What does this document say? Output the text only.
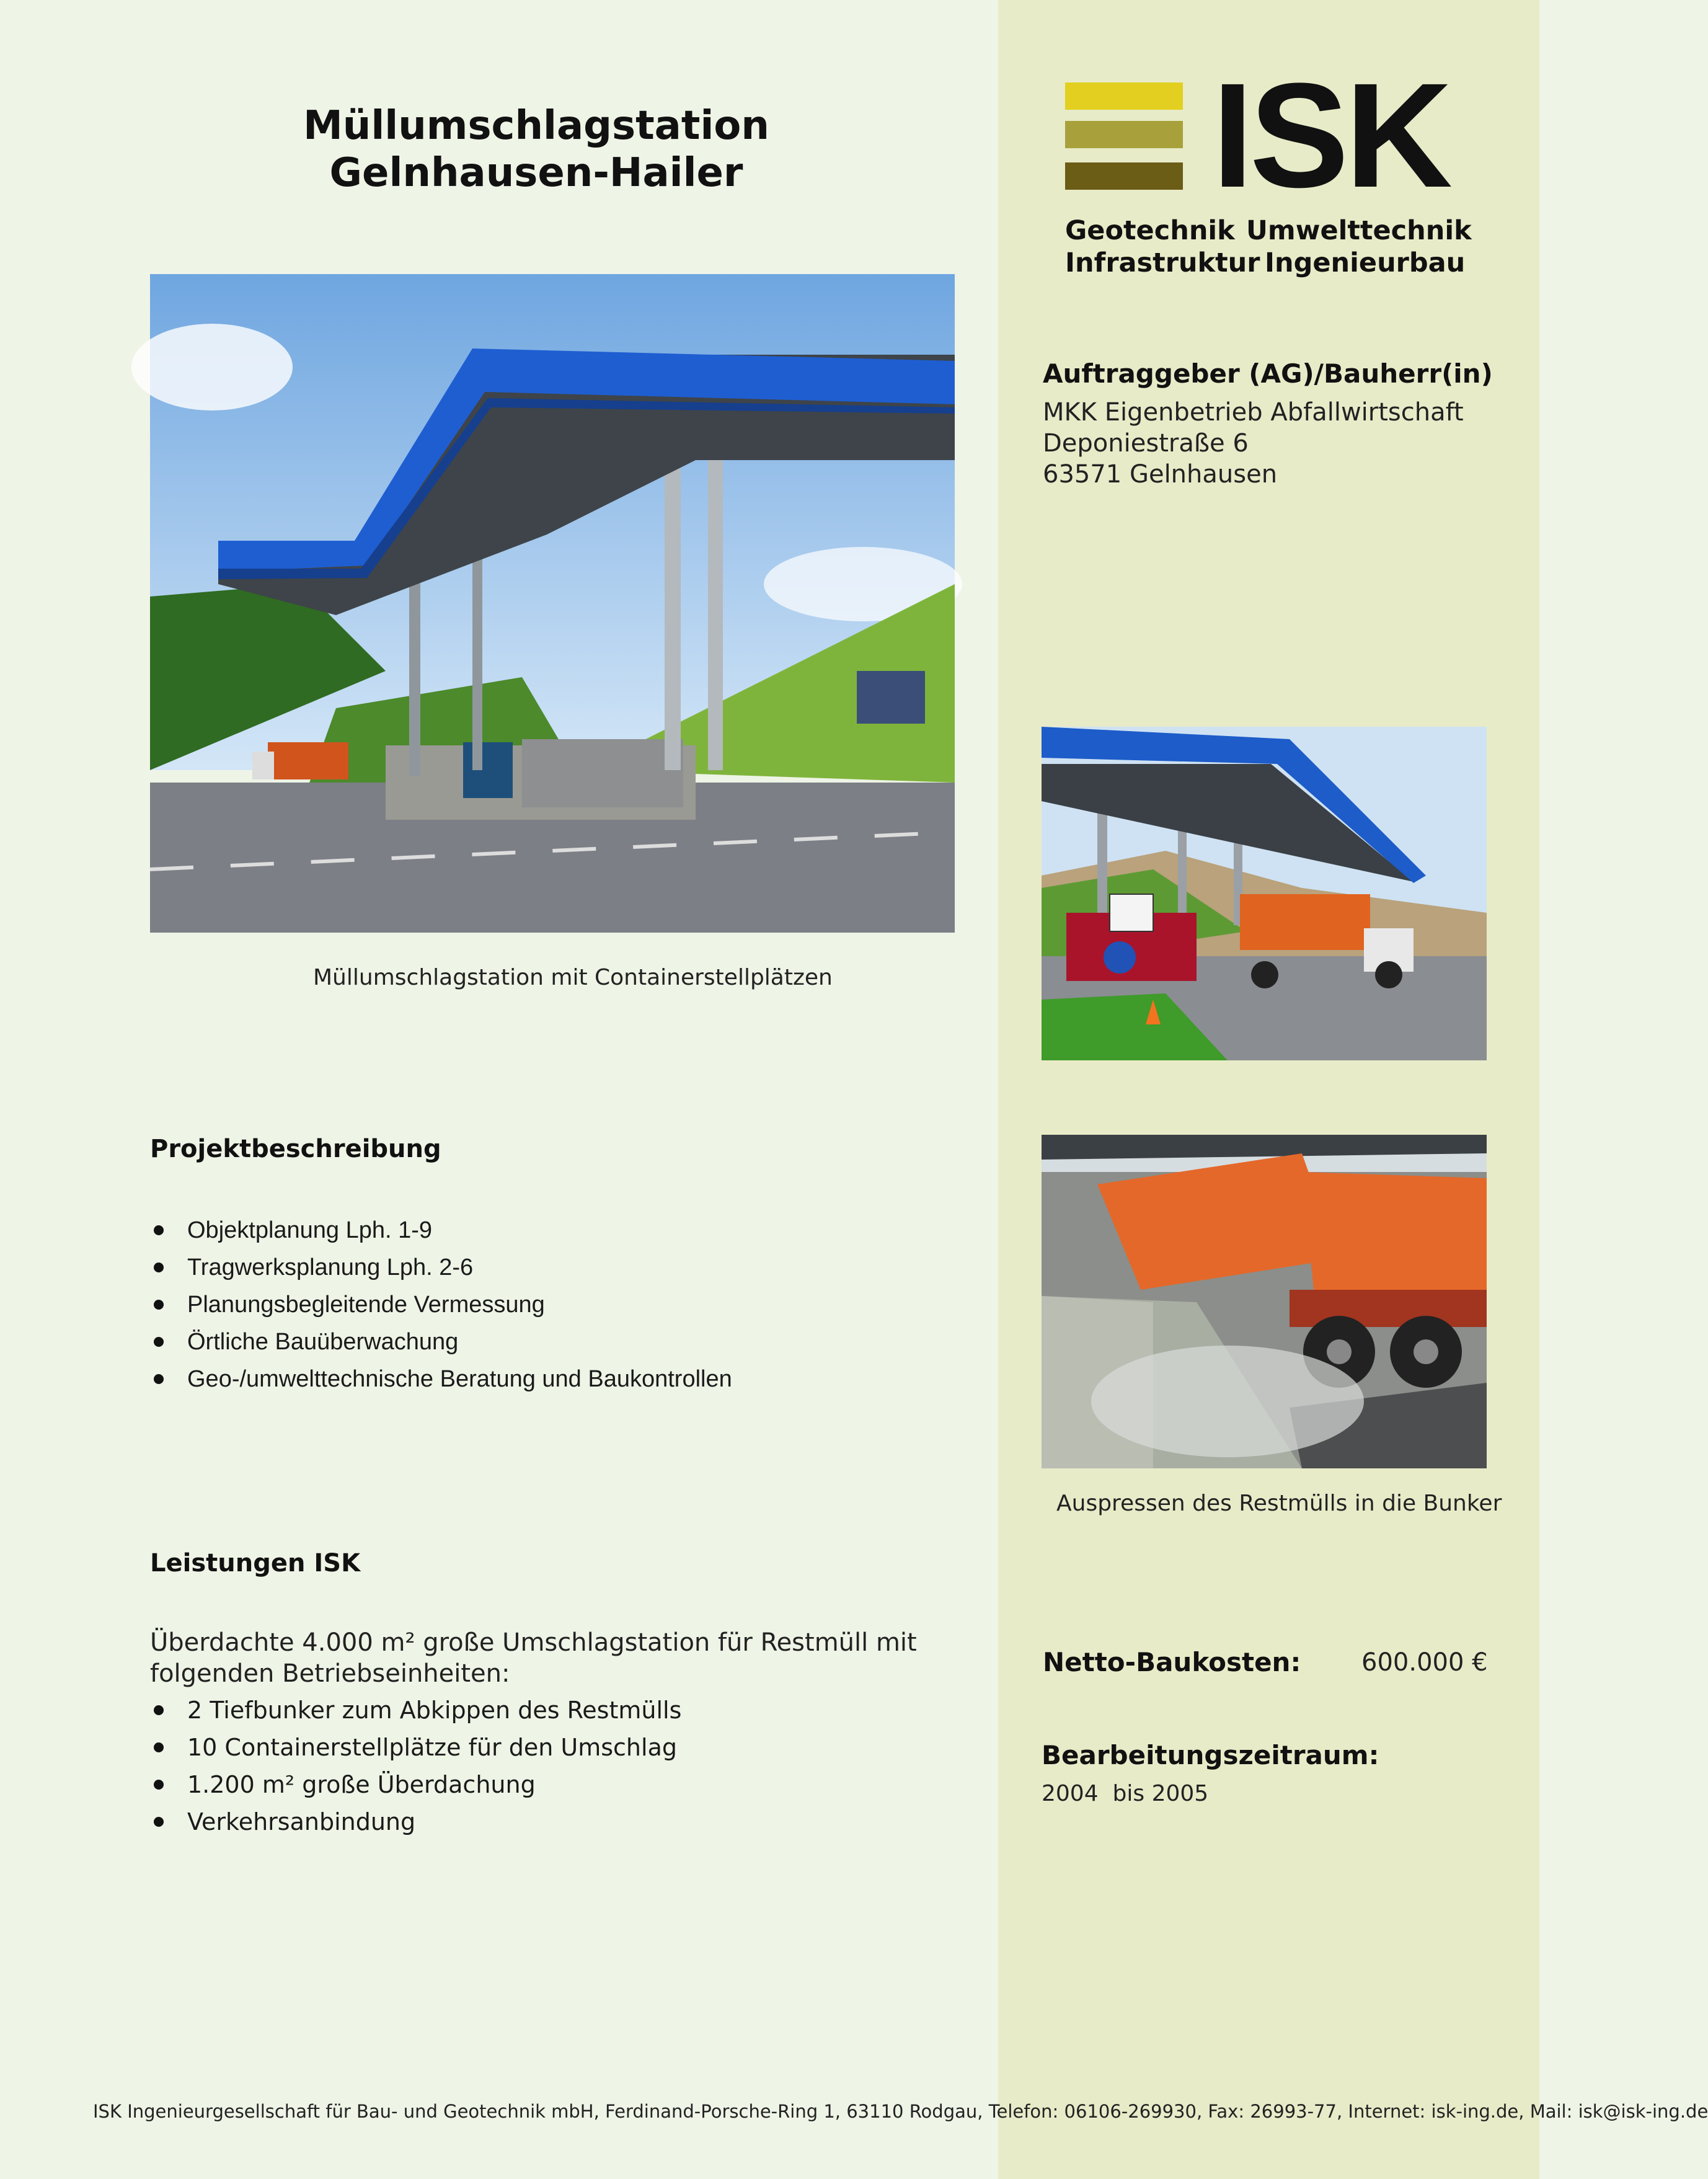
Müllumschlagstation
Gelnhausen-Hailer	ISK
Geotechnik Umwelttechnik
Infrastruktur Ingenieurbau
Müllumschlagstation mit Containerstellplätzen
Auftraggeber (AG)/Bauherr(in)
MKK Eigenbetrieb Abfallwirtschaft
Deponiestraße 6
63571 Gelnhausen
Auspressen des Restmülls in die Bunker
Projektbeschreibung
Objektplanung Lph. 1-9
Tragwerksplanung Lph. 2-6
Planungsbegleitende Vermessung
Örtliche Bauüberwachung
Geo-/umwelttechnische Beratung und Baukontrollen
Leistungen ISK
Überdachte 4.000 m² große Umschlagstation für Restmüll mit folgenden Betriebseinheiten:
2 Tiefbunker zum Abkippen des Restmülls
10 Containerstellplätze für den Umschlag
1.200 m² große Überdachung
Verkehrsanbindung
Netto-Baukosten: 600.000 €
Bearbeitungszeitraum:
2004 bis 2005
ISK Ingenieurgesellschaft für Bau- und Geotechnik mbH, Ferdinand-Porsche-Ring 1, 63110 Rodgau, Telefon: 06106-269930, Fax: 26993-77, Internet: isk-ing.de, Mail: isk@isk-ing.de
